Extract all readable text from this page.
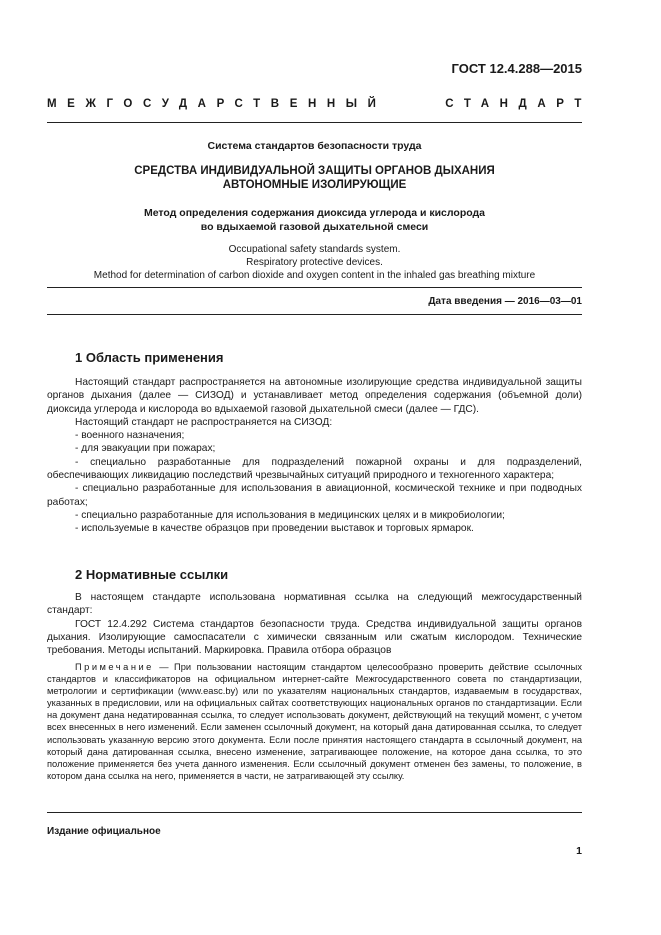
ГОСТ 12.4.288—2015
МЕЖГОСУДАРСТВЕННЫЙ	СТАНДАРТ
Система стандартов безопасности труда
СРЕДСТВА ИНДИВИДУАЛЬНОЙ ЗАЩИТЫ ОРГАНОВ ДЫХАНИЯ
АВТОНОМНЫЕ ИЗОЛИРУЮЩИЕ
Метод определения содержания диоксида углерода и кислорода
во вдыхаемой газовой дыхательной смеси
Occupational safety standards system.
Respiratory protective devices.
Method for determination of carbon dioxide and oxygen content in the inhaled gas breathing mixture
Дата введения — 2016—03—01
1 Область применения

Настоящий стандарт распространяется на автономные изолирующие средства индивидуальной защиты органов дыхания (далее — СИЗОД) и устанавливает метод определения содержания (объемной доли) диоксида углерода и кислорода во вдыхаемой газовой дыхательной смеси (далее — ГДС).

Настоящий стандарт не распространяется на СИЗОД:

- военного назначения;

- для эвакуации при пожарах;

- специально разработанные для подразделений пожарной охраны и для подразделений, обеспечивающих ликвидацию последствий чрезвычайных ситуаций природного и техногенного характера;

- специально разработанные для использования в авиационной, космической технике и при подводных работах;

- специально разработанные для использования в медицинских целях и в микробиологии;

- используемые в качестве образцов при проведении выставок и торговых ярмарок.

2 Нормативные ссылки

В настоящем стандарте использована нормативная ссылка на следующий межгосударственный стандарт:

ГОСТ 12.4.292 Система стандартов безопасности труда. Средства индивидуальной защиты органов дыхания. Изолирующие самоспасатели с химически связанным или сжатым кислородом. Технические требования. Методы испытаний. Маркировка. Правила отбора образцов

Примечание — При пользовании настоящим стандартом целесообразно проверить действие ссылочных стандартов и классификаторов на официальном интернет-сайте Межгосударственного совета по стандартизации, метрологии и сертификации (www.easc.by) или по указателям национальных стандартов, издаваемым в государствах, указанных в предисловии, или на официальных сайтах соответствующих национальных органов по стандартизации. Если на документ дана недатированная ссылка, то следует использовать документ, действующий на текущий момент, с учетом всех внесенных в него изменений. Если заменен ссылочный документ, на который дана датированная ссылка, то следует использовать указанную версию этого документа. Если после принятия настоящего стандарта в ссылочный документ, на который дана датированная ссылка, внесено изменение, затрагивающее положение, на которое дана ссылка, то это положение применяется без учета данного изменения. Если ссылочный документ отменен без замены, то положение, в котором дана ссылка на него, применяется в части, не затрагивающей эту ссылку.
Издание официальное
1
